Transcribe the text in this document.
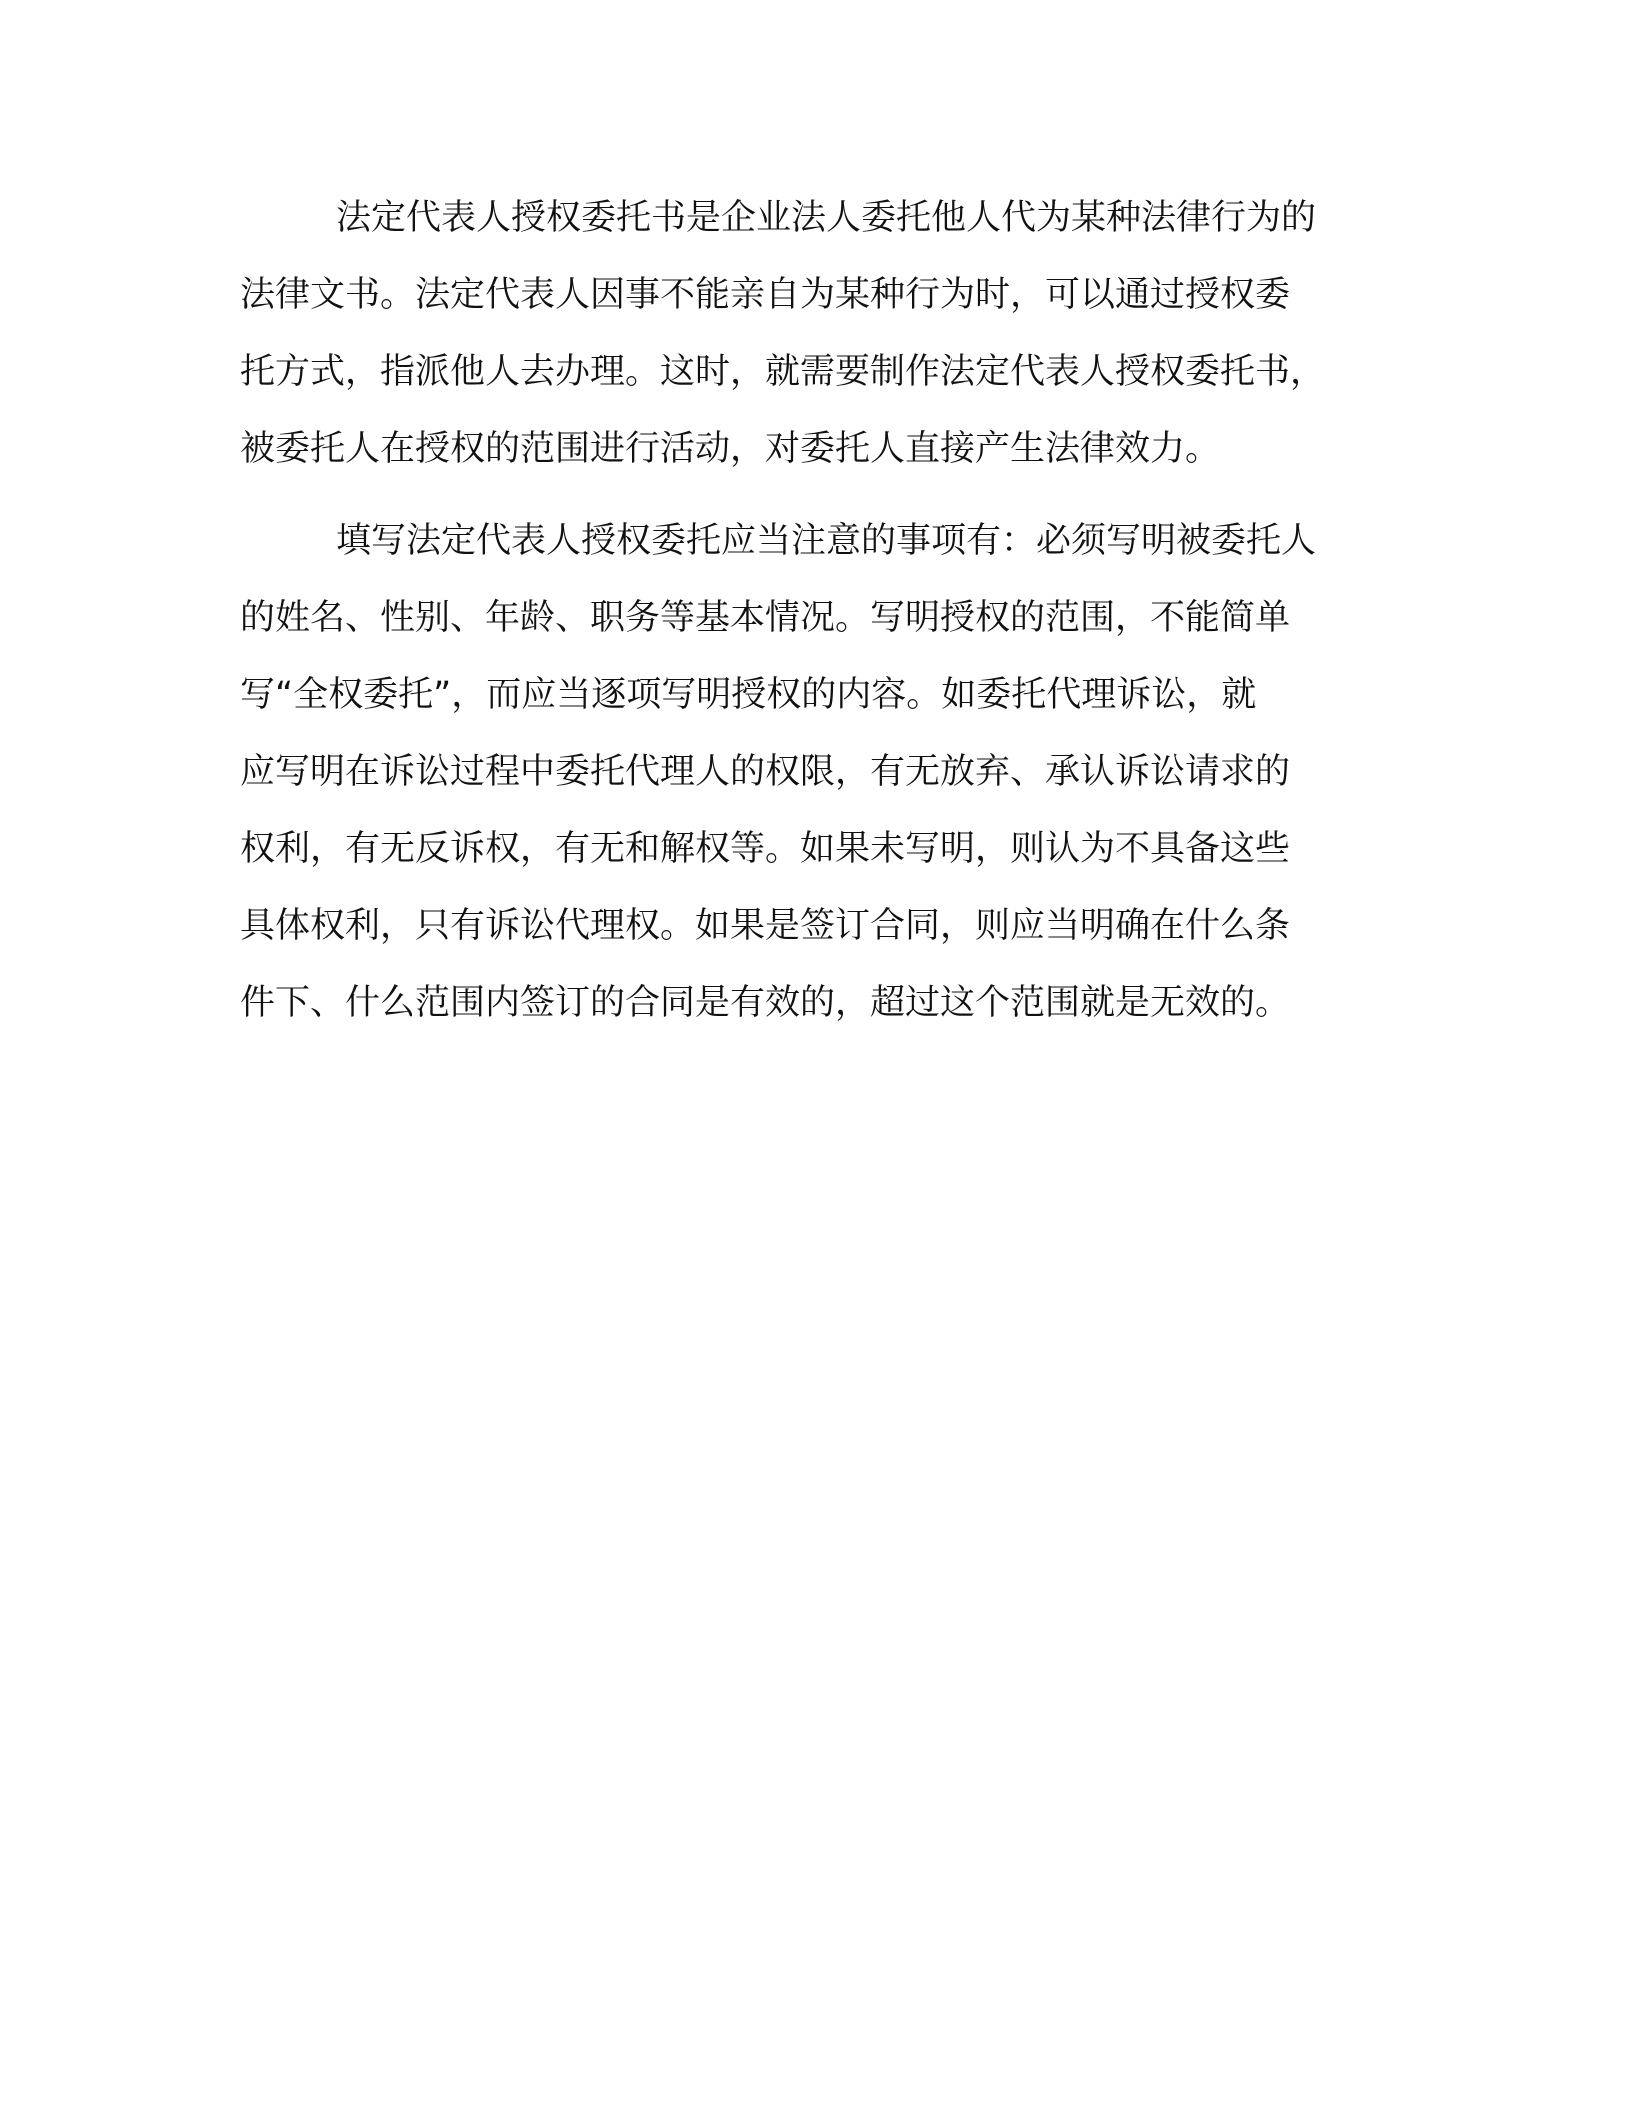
法定代表人授权委托书是企业法人委托他人代为某种法律行为的
法律文书。法定代表人因事不能亲自为某种行为时，可以通过授权委
托方式，指派他人去办理。这时，就需要制作法定代表人授权委托书，
被委托人在授权的范围进行活动，对委托人直接产生法律效力。
填写法定代表人授权委托应当注意的事项有：必须写明被委托人
的姓名、性别、年龄、职务等基本情况。写明授权的范围，不能简单
写“全权委托”，而应当逐项写明授权的内容。如委托代理诉讼，就
应写明在诉讼过程中委托代理人的权限，有无放弃、承认诉讼请求的
权利，有无反诉权，有无和解权等。如果未写明，则认为不具备这些
具体权利，只有诉讼代理权。如果是签订合同，则应当明确在什么条
件下、什么范围内签订的合同是有效的，超过这个范围就是无效的。
